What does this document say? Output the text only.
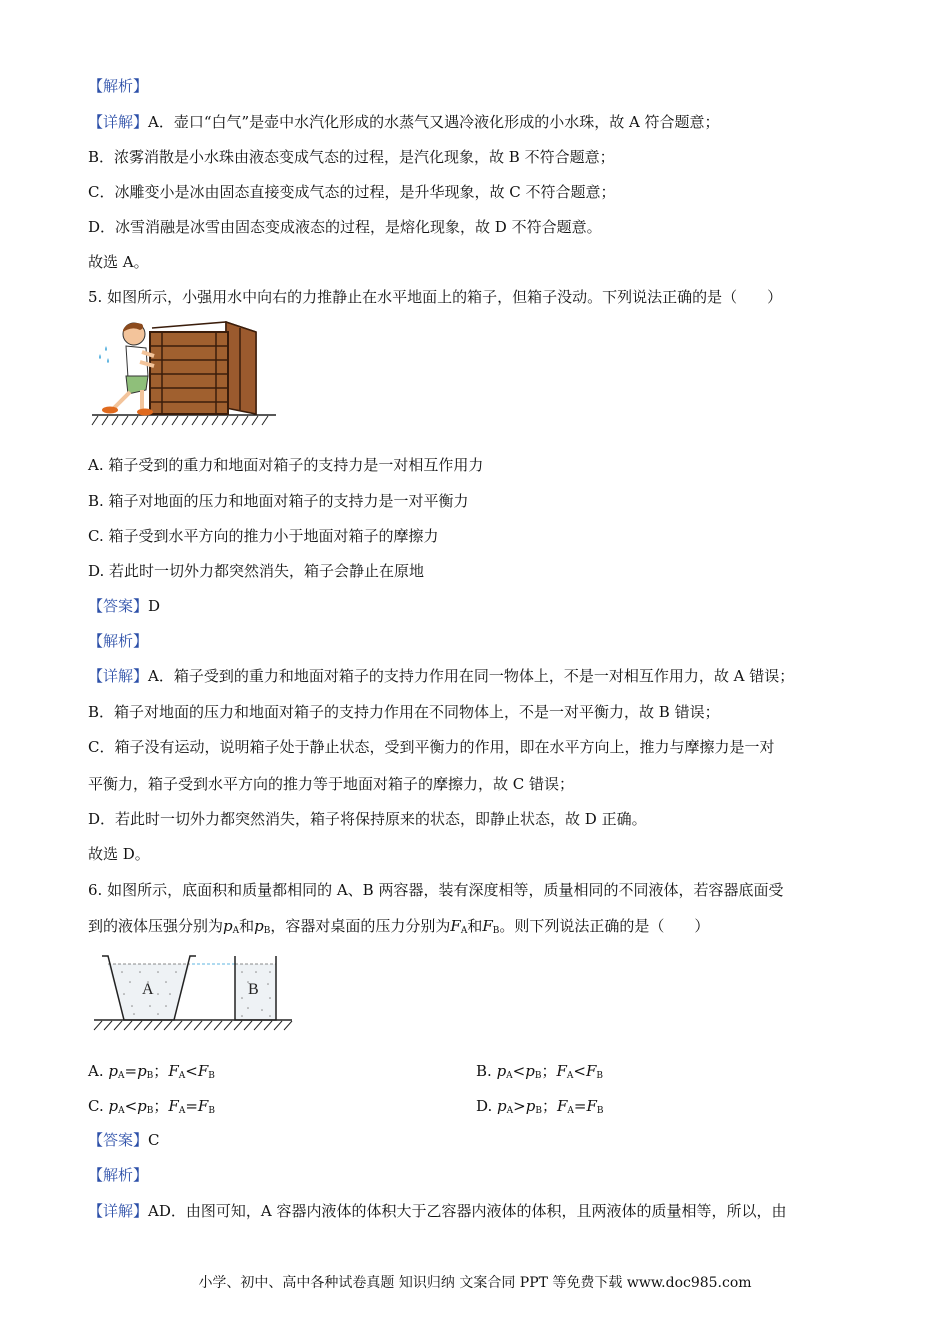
【解析】
【详解】A．壶口“白气”是壶中水汽化形成的水蒸气又遇冷液化形成的小水珠，故 A 符合题意；
B．浓雾消散是小水珠由液态变成气态的过程，是汽化现象，故 B 不符合题意；
C．冰雕变小是冰由固态直接变成气态的过程，是升华现象，故 C 不符合题意；
D．冰雪消融是冰雪由固态变成液态的过程，是熔化现象，故 D 不符合题意。
故选 A。
5. 如图所示，小强用水中向右的力推静止在水平地面上的箱子，但箱子没动。下列说法正确的是（　　）
A. 箱子受到的重力和地面对箱子的支持力是一对相互作用力
B. 箱子对地面的压力和地面对箱子的支持力是一对平衡力
C. 箱子受到水平方向的推力小于地面对箱子的摩擦力
D. 若此时一切外力都突然消失，箱子会静止在原地
【答案】D
【解析】
【详解】A．箱子受到的重力和地面对箱子的支持力作用在同一物体上，不是一对相互作用力，故 A 错误；
B．箱子对地面的压力和地面对箱子的支持力作用在不同物体上，不是一对平衡力，故 B 错误；
C．箱子没有运动，说明箱子处于静止状态，受到平衡力的作用，即在水平方向上，推力与摩擦力是一对
平衡力，箱子受到水平方向的推力等于地面对箱子的摩擦力，故 C 错误；
D．若此时一切外力都突然消失，箱子将保持原来的状态，即静止状态，故 D 正确。
故选 D。
6. 如图所示，底面积和质量都相同的 A、B 两容器，装有深度相等，质量相同的不同液体，若容器底面受
到的液体压强分别为$p_A$和$p_B$，容器对桌面的压力分别为$F_A$和$F_B$。则下列说法正确的是（　　）
A	B
A. $p_A=p_B$；$F_A<F_B$	B. $p_A<p_B$；$F_A<F_B$
C. $p_A<p_B$；$F_A=F_B$	D. $p_A>p_B$；$F_A=F_B$
【答案】C
【解析】
【详解】AD．由图可知，A 容器内液体的体积大于乙容器内液体的体积，且两液体的质量相等，所以，由
小学、初中、高中各种试卷真题 知识归纳 文案合同 PPT 等免费下载 www.doc985.com
